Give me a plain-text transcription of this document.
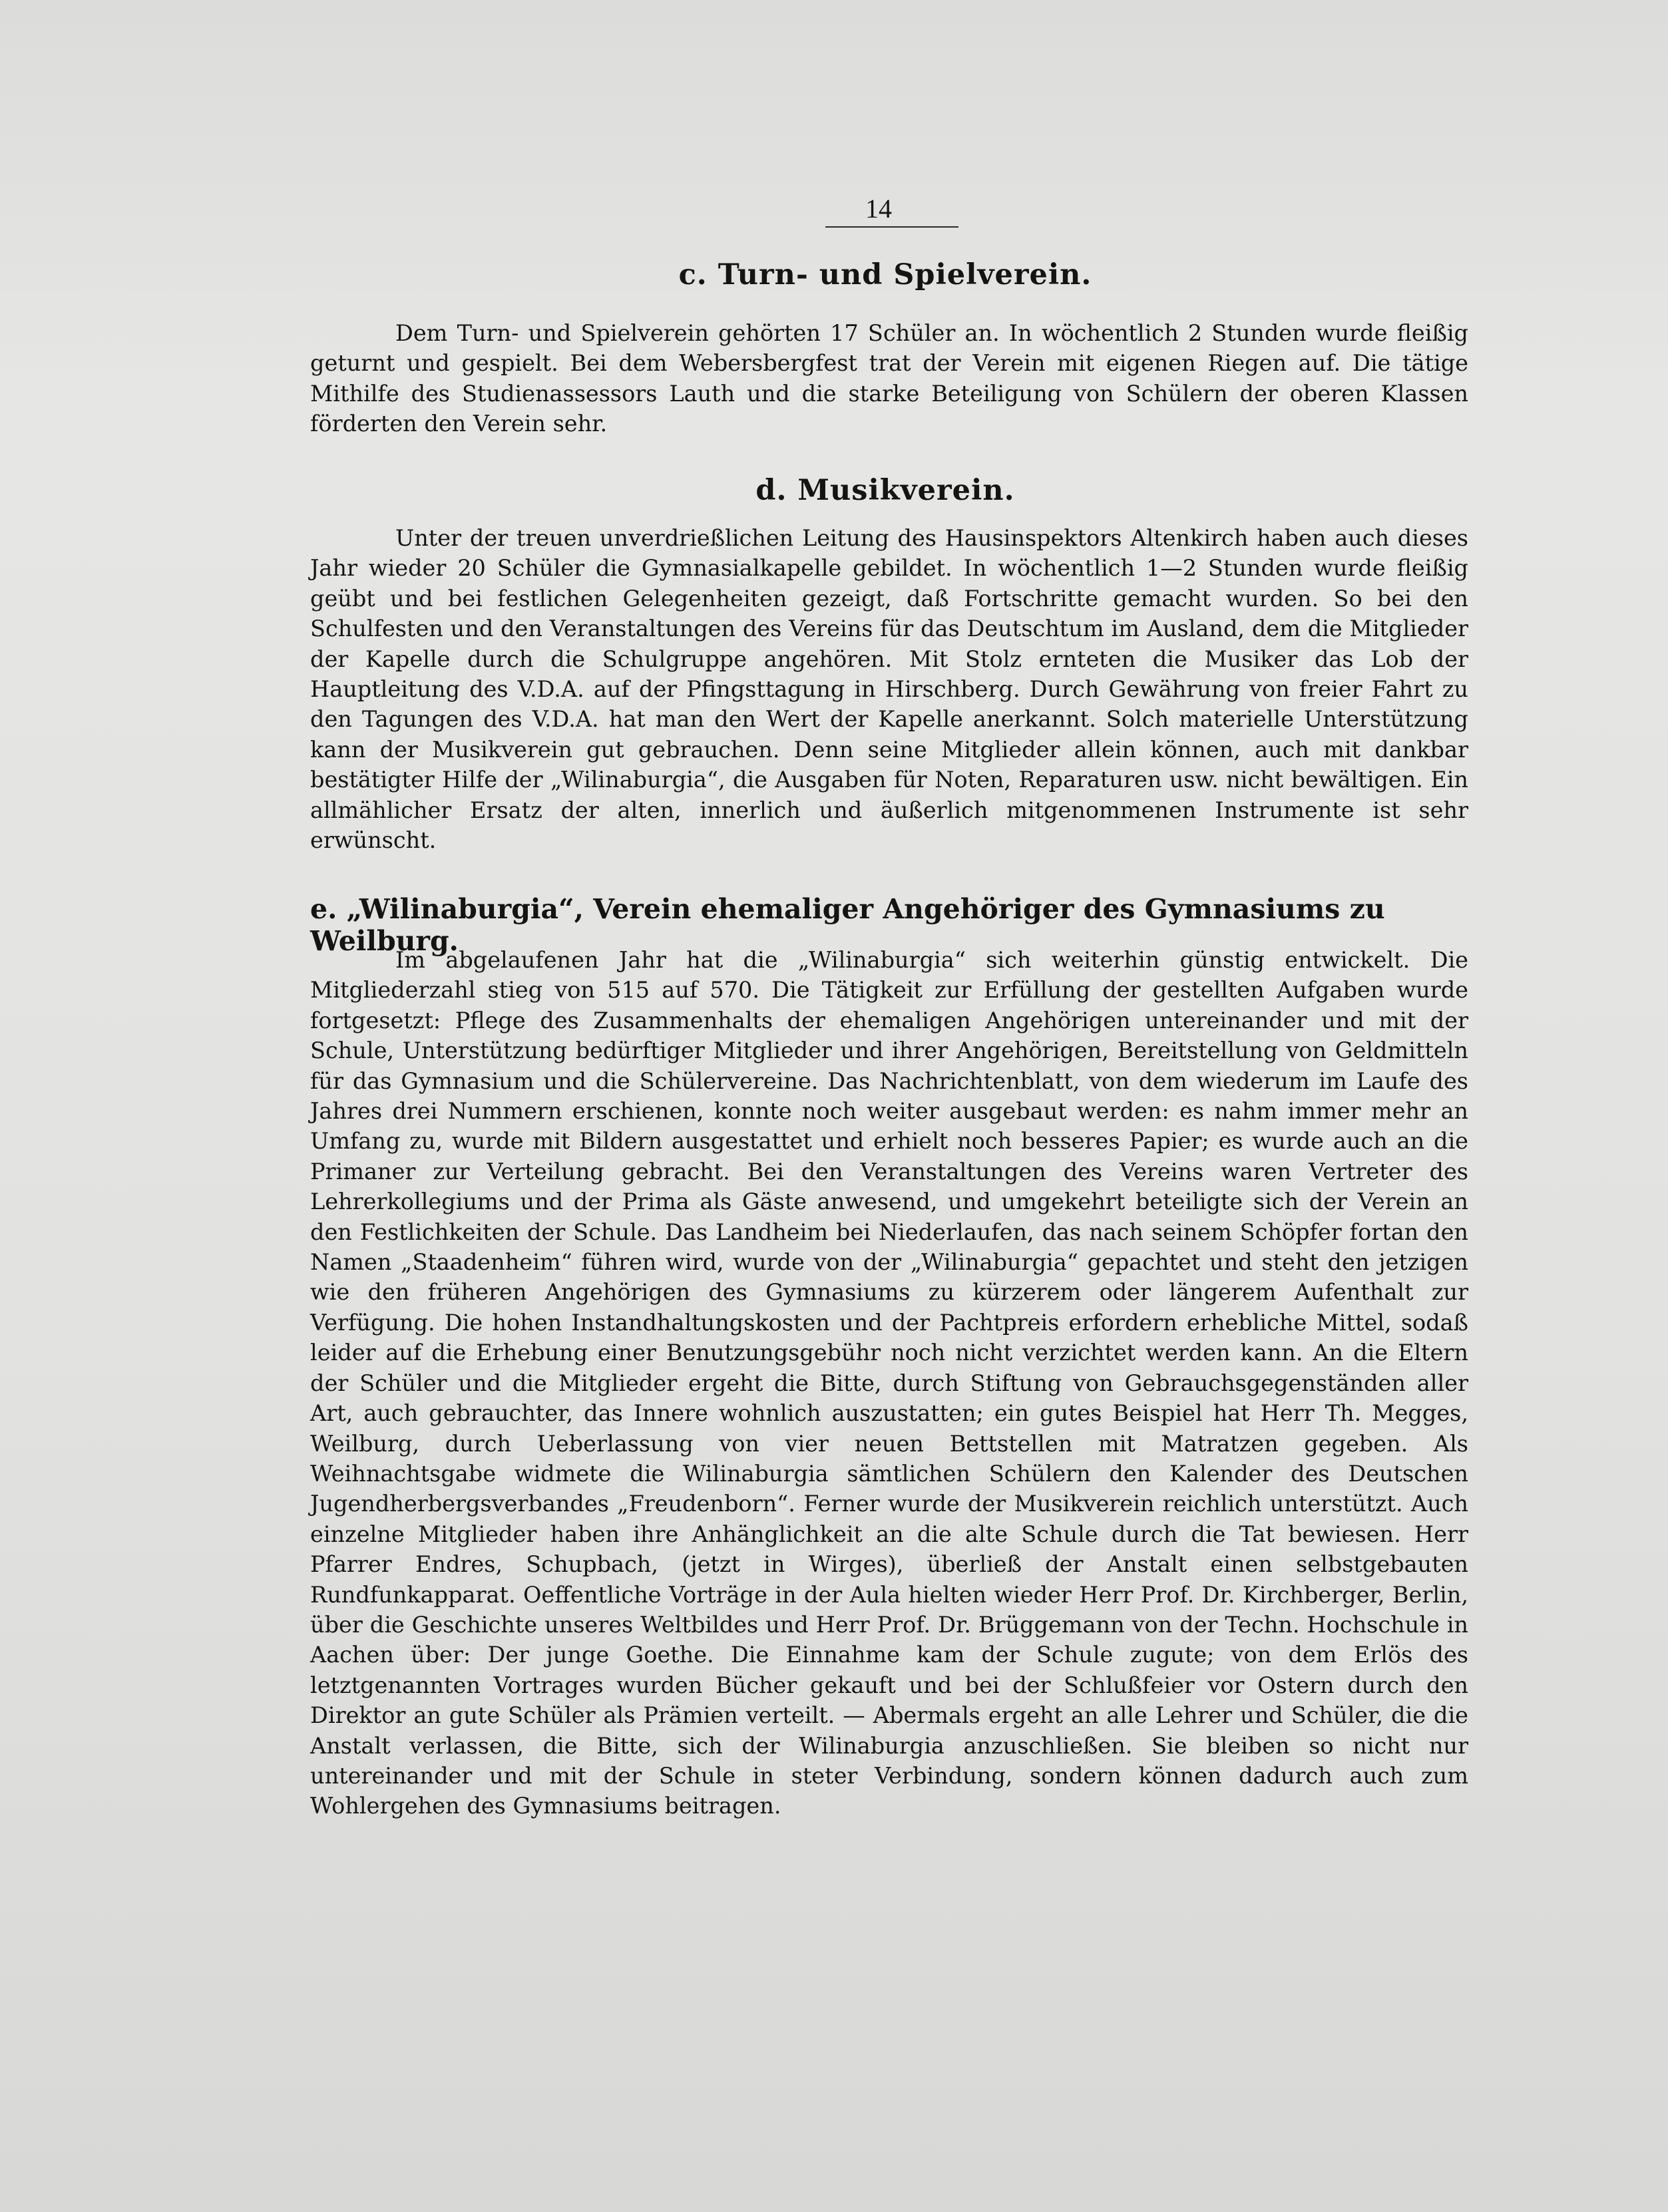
14
c. Turn- und Spielverein.

Dem Turn- und Spielverein gehörten 17 Schüler an. In wöchentlich 2 Stunden wurde fleißig geturnt und gespielt. Bei dem Webersbergfest trat der Verein mit eigenen Riegen auf. Die tätige Mithilfe des Studienassessors Lauth und die starke Beteiligung von Schülern der oberen Klassen förderten den Verein sehr.

d. Musikverein.

Unter der treuen unverdrießlichen Leitung des Hausinspektors Altenkirch haben auch dieses Jahr wieder 20 Schüler die Gymnasialkapelle gebildet. In wöchentlich 1—2 Stunden wurde fleißig geübt und bei festlichen Gelegenheiten gezeigt, daß Fortschritte gemacht wurden. So bei den Schulfesten und den Veranstaltungen des Vereins für das Deutschtum im Ausland, dem die Mitglieder der Kapelle durch die Schulgruppe angehören. Mit Stolz ernteten die Musiker das Lob der Hauptleitung des V.D.A. auf der Pfingsttagung in Hirschberg. Durch Gewährung von freier Fahrt zu den Tagungen des V.D.A. hat man den Wert der Kapelle anerkannt. Solch materielle Unterstützung kann der Musikverein gut gebrauchen. Denn seine Mitglieder allein können, auch mit dankbar bestätigter Hilfe der „Wilinaburgia“, die Ausgaben für Noten, Reparaturen usw. nicht bewältigen. Ein allmählicher Ersatz der alten, innerlich und äußerlich mitgenommenen Instrumente ist sehr erwünscht.

e. „Wilinaburgia“, Verein ehemaliger Angehöriger des Gymnasiums zu Weilburg.

Im abgelaufenen Jahr hat die „Wilinaburgia“ sich weiterhin günstig entwickelt. Die Mitgliederzahl stieg von 515 auf 570. Die Tätigkeit zur Erfüllung der gestellten Aufgaben wurde fortgesetzt: Pflege des Zusammenhalts der ehemaligen Angehörigen untereinander und mit der Schule, Unterstützung bedürftiger Mitglieder und ihrer Angehörigen, Bereitstellung von Geldmitteln für das Gymnasium und die Schülervereine. Das Nachrichtenblatt, von dem wiederum im Laufe des Jahres drei Nummern erschienen, konnte noch weiter ausgebaut werden: es nahm immer mehr an Umfang zu, wurde mit Bildern ausgestattet und erhielt noch besseres Papier; es wurde auch an die Primaner zur Verteilung gebracht. Bei den Veranstaltungen des Vereins waren Vertreter des Lehrerkollegiums und der Prima als Gäste anwesend, und umgekehrt beteiligte sich der Verein an den Festlichkeiten der Schule. Das Landheim bei Niederlaufen, das nach seinem Schöpfer fortan den Namen „Staadenheim“ führen wird, wurde von der „Wilinaburgia“ gepachtet und steht den jetzigen wie den früheren Angehörigen des Gymnasiums zu kürzerem oder längerem Aufenthalt zur Verfügung. Die hohen Instandhaltungskosten und der Pachtpreis erfordern erhebliche Mittel, sodaß leider auf die Erhebung einer Benutzungsgebühr noch nicht verzichtet werden kann. An die Eltern der Schüler und die Mitglieder ergeht die Bitte, durch Stiftung von Gebrauchsgegenständen aller Art, auch gebrauchter, das Innere wohnlich auszustatten; ein gutes Beispiel hat Herr Th. Megges, Weilburg, durch Ueberlassung von vier neuen Bettstellen mit Matratzen gegeben. Als Weihnachtsgabe widmete die Wilinaburgia sämtlichen Schülern den Kalender des Deutschen Jugendherbergsverbandes „Freudenborn“. Ferner wurde der Musikverein reichlich unterstützt. Auch einzelne Mitglieder haben ihre Anhänglichkeit an die alte Schule durch die Tat bewiesen. Herr Pfarrer Endres, Schupbach, (jetzt in Wirges), überließ der Anstalt einen selbstgebauten Rundfunkapparat. Oeffentliche Vorträge in der Aula hielten wieder Herr Prof. Dr. Kirchberger, Berlin, über die Geschichte unseres Weltbildes und Herr Prof. Dr. Brüggemann von der Techn. Hochschule in Aachen über: Der junge Goethe. Die Einnahme kam der Schule zugute; von dem Erlös des letztgenannten Vortrages wurden Bücher gekauft und bei der Schlußfeier vor Ostern durch den Direktor an gute Schüler als Prämien verteilt. — Abermals ergeht an alle Lehrer und Schüler, die die Anstalt verlassen, die Bitte, sich der Wilinaburgia anzuschließen. Sie bleiben so nicht nur untereinander und mit der Schule in steter Verbindung, sondern können dadurch auch zum Wohlergehen des Gymnasiums beitragen.
